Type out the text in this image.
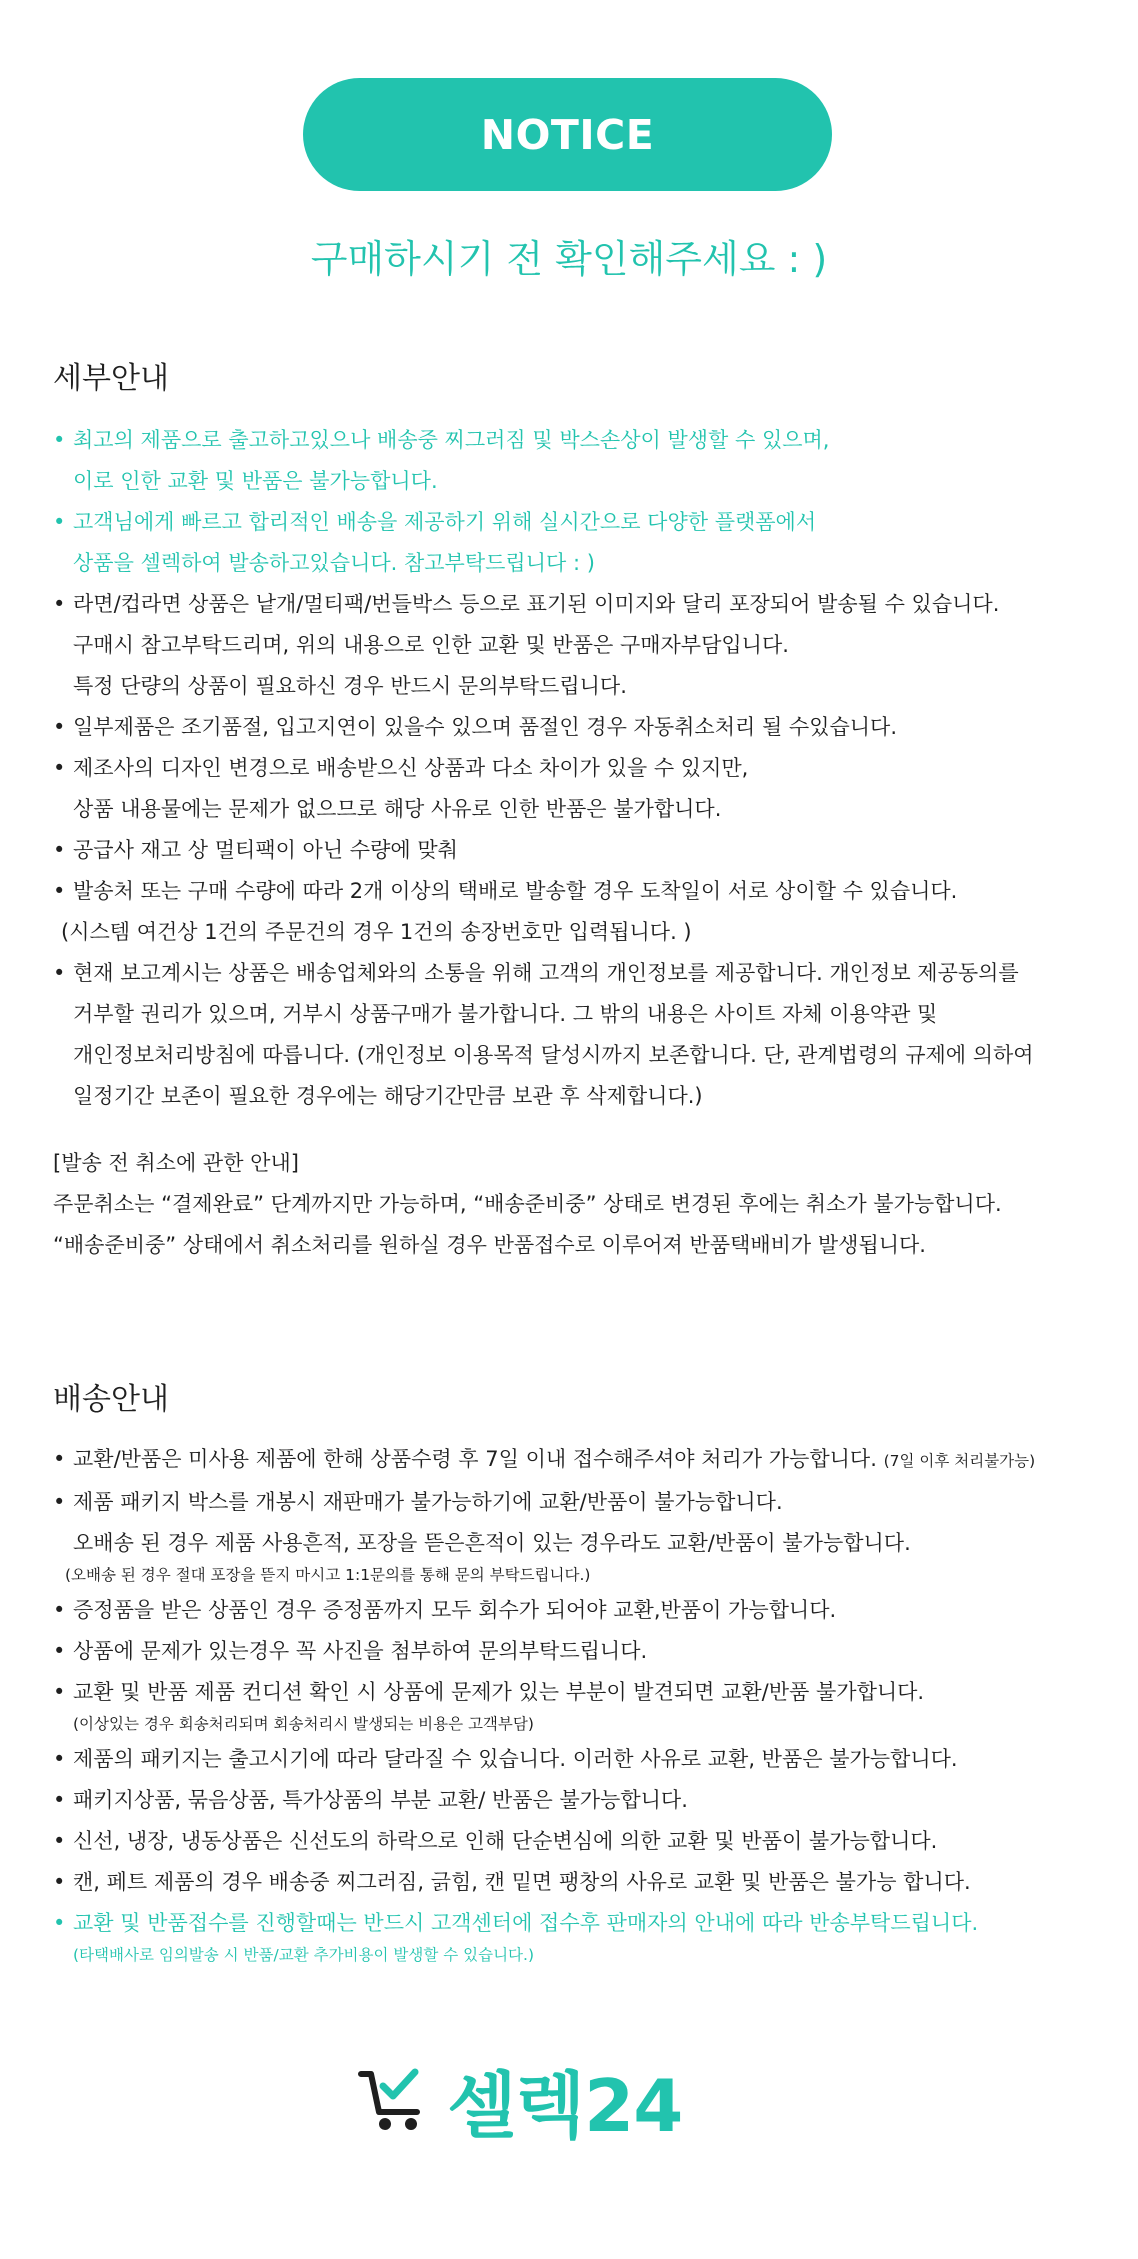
NOTICE
구매하시기 전 확인해주세요 : )
세부안내
• 최고의 제품으로 출고하고있으나 배송중 찌그러짐 및 박스손상이 발생할 수 있으며,
이로 인한 교환 및 반품은 불가능합니다.
• 고객님에게 빠르고 합리적인 배송을 제공하기 위해 실시간으로 다양한 플랫폼에서
상품을 셀렉하여 발송하고있습니다. 참고부탁드립니다 : )
• 라면/컵라면 상품은 낱개/멀티팩/번들박스 등으로 표기된 이미지와 달리 포장되어 발송될 수 있습니다.
구매시 참고부탁드리며, 위의 내용으로 인한 교환 및 반품은 구매자부담입니다.
특정 단량의 상품이 필요하신 경우 반드시 문의부탁드립니다.
• 일부제품은 조기품절, 입고지연이 있을수 있으며 품절인 경우 자동취소처리 될 수있습니다.
• 제조사의 디자인 변경으로 배송받으신 상품과 다소 차이가 있을 수 있지만,
상품 내용물에는 문제가 없으므로 해당 사유로 인한 반품은 불가합니다.
• 공급사 재고 상 멀티팩이 아닌 수량에 맞춰
• 발송처 또는 구매 수량에 따라 2개 이상의 택배로 발송할 경우 도착일이 서로 상이할 수 있습니다.
(시스템 여건상 1건의 주문건의 경우 1건의 송장번호만 입력됩니다. )
• 현재 보고계시는 상품은 배송업체와의 소통을 위해 고객의 개인정보를 제공합니다. 개인정보 제공동의를
거부할 권리가 있으며, 거부시 상품구매가 불가합니다. 그 밖의 내용은 사이트 자체 이용약관 및
개인정보처리방침에 따릅니다. (개인정보 이용목적 달성시까지 보존합니다. 단, 관계법령의 규제에 의하여
일정기간 보존이 필요한 경우에는 해당기간만큼 보관 후 삭제합니다.)
[발송 전 취소에 관한 안내]
주문취소는 “결제완료” 단계까지만 가능하며, “배송준비중” 상태로 변경된 후에는 취소가 불가능합니다.
“배송준비중” 상태에서 취소처리를 원하실 경우 반품접수로 이루어져 반품택배비가 발생됩니다.
배송안내
• 교환/반품은 미사용 제품에 한해 상품수령 후 7일 이내 접수해주셔야 처리가 가능합니다. (7일 이후 처리불가능)
• 제품 패키지 박스를 개봉시 재판매가 불가능하기에 교환/반품이 불가능합니다.
오배송 된 경우 제품 사용흔적, 포장을 뜯은흔적이 있는 경우라도 교환/반품이 불가능합니다.
(오배송 된 경우 절대 포장을 뜯지 마시고 1:1문의를 통해 문의 부탁드립니다.)
• 증정품을 받은 상품인 경우 증정품까지 모두 회수가 되어야 교환,반품이 가능합니다.
• 상품에 문제가 있는경우 꼭 사진을 첨부하여 문의부탁드립니다.
• 교환 및 반품 제품 컨디션 확인 시 상품에 문제가 있는 부분이 발견되면 교환/반품 불가합니다.
(이상있는 경우 회송처리되며 회송처리시 발생되는 비용은 고객부담)
• 제품의 패키지는 출고시기에 따라 달라질 수 있습니다. 이러한 사유로 교환, 반품은 불가능합니다.
• 패키지상품, 묶음상품, 특가상품의 부분 교환/ 반품은 불가능합니다.
• 신선, 냉장, 냉동상품은 신선도의 하락으로 인해 단순변심에 의한 교환 및 반품이 불가능합니다.
• 캔, 페트 제품의 경우 배송중 찌그러짐, 긁힘, 캔 밑면 팽창의 사유로 교환 및 반품은 불가능 합니다.
• 교환 및 반품접수를 진행할때는 반드시 고객센터에 접수후 판매자의 안내에 따라 반송부탁드립니다.
(타택배사로 임의발송 시 반품/교환 추가비용이 발생할 수 있습니다.)
셀렉24
